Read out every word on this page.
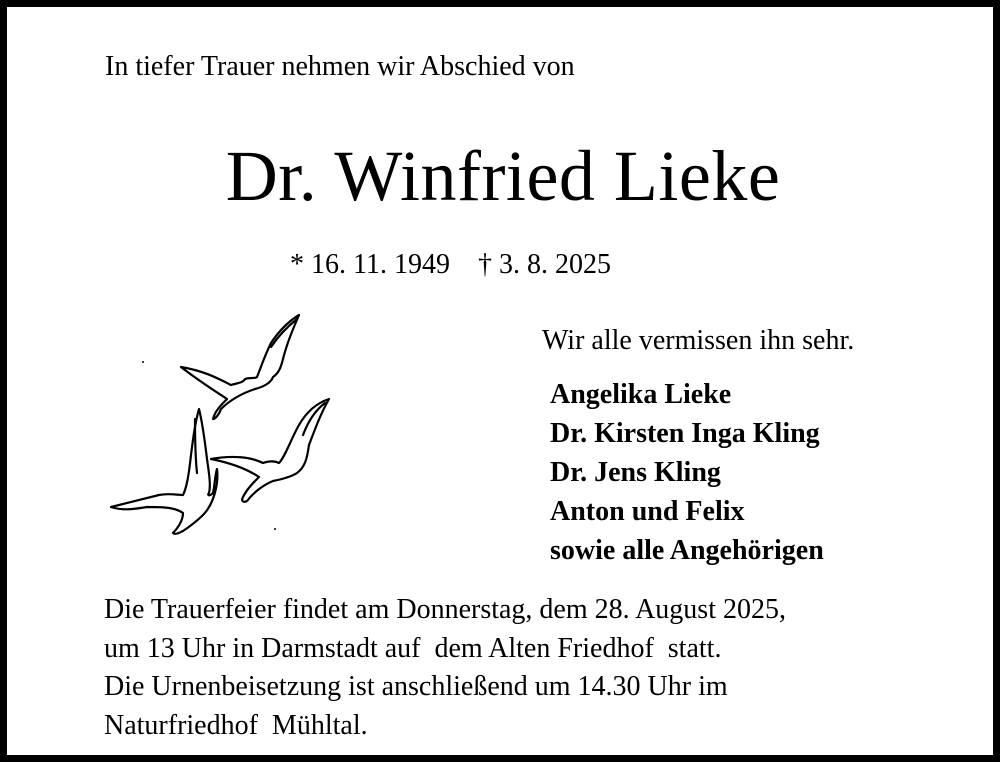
In tiefer Trauer nehmen wir Abschied von
Dr. Winfried Lieke
* 16. 11. 1949 † 3. 8. 2025
Wir alle vermissen ihn sehr.
Angelika Lieke
Dr. Kirsten Inga Kling
Dr. Jens Kling
Anton und Felix
sowie alle Angehörigen

Die Trauerfeier findet am Donnerstag, dem 28. August 2025,

um 13 Uhr in Darmstadt auf  dem Alten Friedhof  statt.

Die Urnenbeisetzung ist anschließend um 14.30 Uhr im

Naturfriedhof  Mühltal.
